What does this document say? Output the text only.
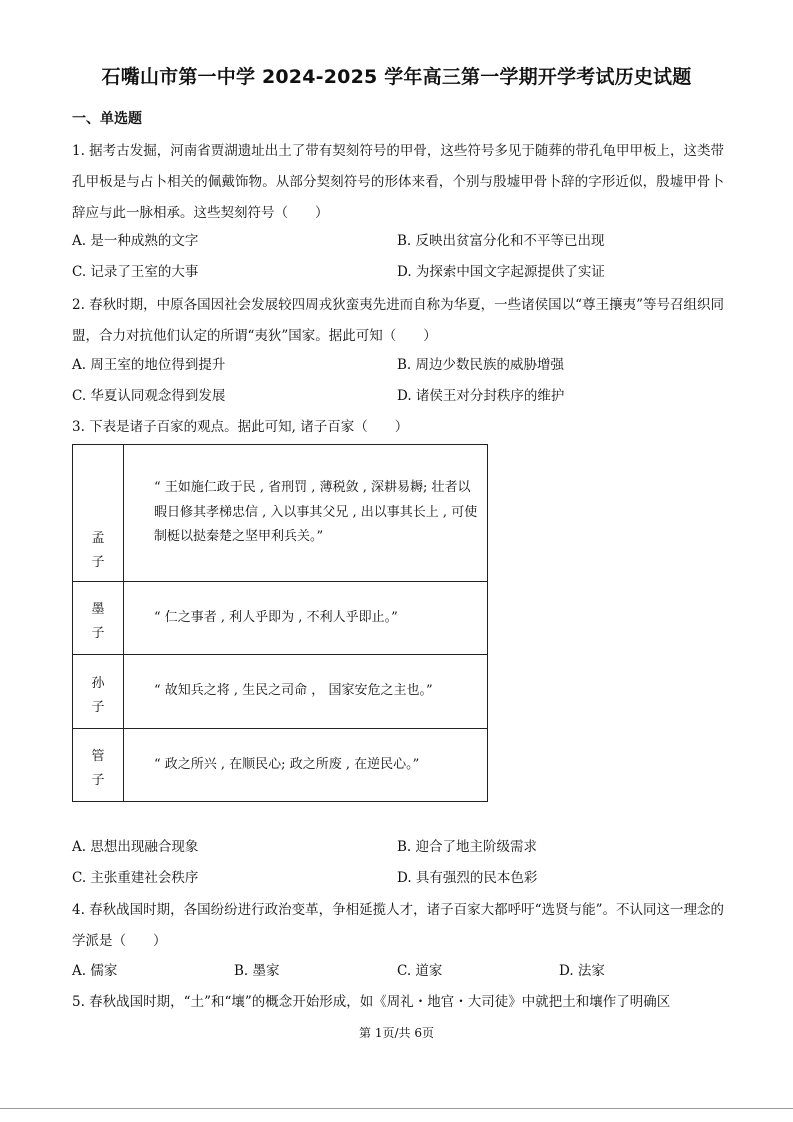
石嘴山市第一中学 2024-2025 学年高三第一学期开学考试历史试题
一、单选题
1. 据考古发掘，河南省贾湖遗址出土了带有契刻符号的甲骨，这些符号多见于随葬的带孔龟甲甲板上，这类带孔甲板是与占卜相关的佩戴饰物。从部分契刻符号的形体来看，个别与殷墟甲骨卜辞的字形近似，殷墟甲骨卜辞应与此一脉相承。这些契刻符号（　　）
A. 是一种成熟的文字	B. 反映出贫富分化和不平等已出现
C. 记录了王室的大事	D. 为探索中国文字起源提供了实证
2. 春秋时期，中原各国因社会发展较四周戎狄蛮夷先进而自称为华夏，一些诸侯国以“尊王攘夷”等号召组织同盟，合力对抗他们认定的所谓“夷狄”国家。据此可知（　　）
A. 周王室的地位得到提升	B. 周边少数民族的威胁增强
C. 华夏认同观念得到发展	D. 诸侯王对分封秩序的维护
3. 下表是诸子百家的观点。据此可知, 诸子百家（　　）
孟子	“ 王如施仁政于民 , 省刑罚 , 薄税敛 , 深耕易耨; 壮者以暇日修其孝梯忠信 , 入以事其父兄 , 出以事其长上 , 可使制梃以挞秦楚之坚甲利兵关。”

墨子	“ 仁之事者 , 利人乎即为 , 不利人乎即止。”

孙子	“ 故知兵之将 , 生民之司命 ， 国家安危之主也。”

管子	“ 政之所兴 , 在顺民心; 政之所废 , 在逆民心。”
A. 思想出现融合现象	B. 迎合了地主阶级需求
C. 主张重建社会秩序	D. 具有强烈的民本色彩
4. 春秋战国时期，各国纷纷进行政治变革，争相延揽人才，诸子百家大都呼吁“选贤与能”。不认同这一理念的学派是（　　）
A. 儒家	B. 墨家	C. 道家	D. 法家
5. 春秋战国时期，“土”和“壤”的概念开始形成，如《周礼・地官・大司徒》中就把土和壤作了明确区
第 1页/共 6页
